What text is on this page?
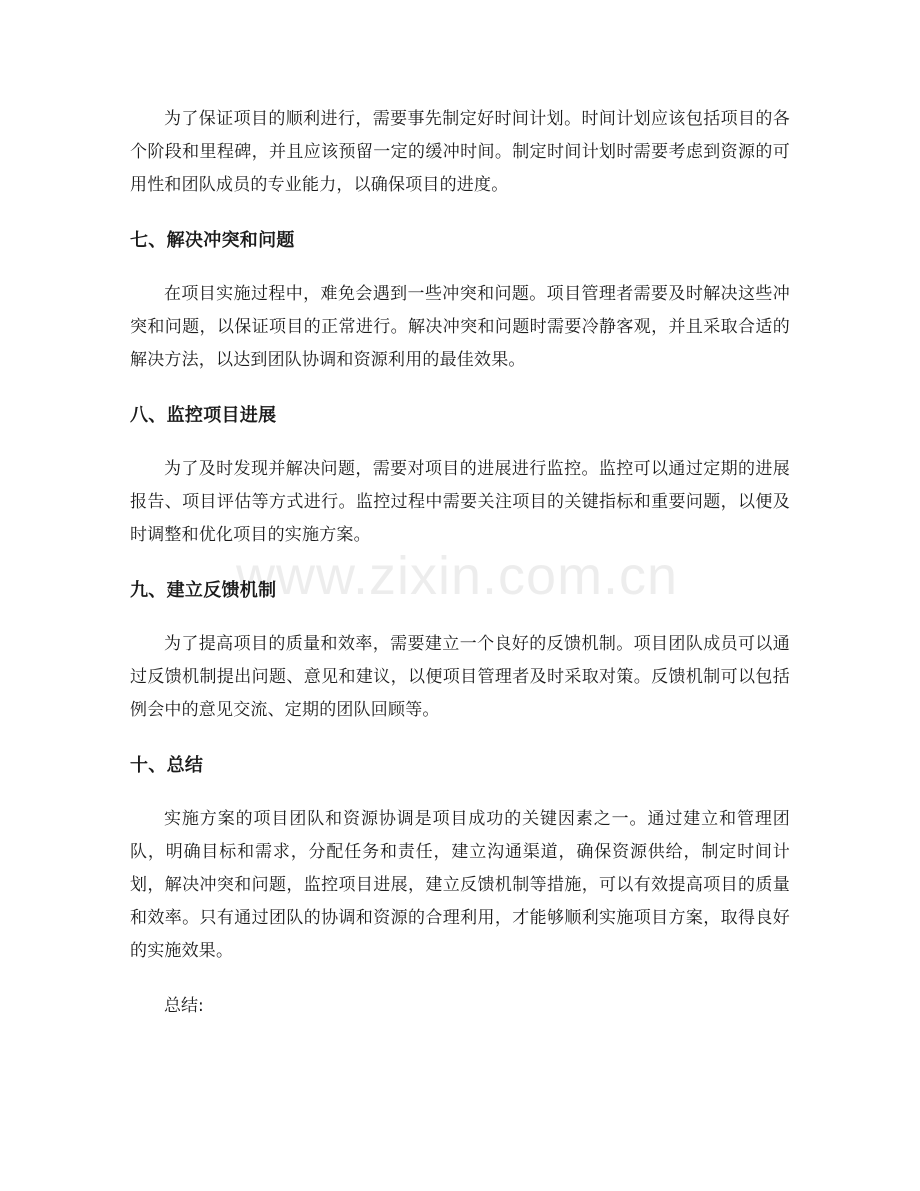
为了保证项目的顺利进行，需要事先制定好时间计划。时间计划应该包括项目的各个阶段和里程碑，并且应该预留一定的缓冲时间。制定时间计划时需要考虑到资源的可用性和团队成员的专业能力，以确保项目的进度。

七、解决冲突和问题

在项目实施过程中，难免会遇到一些冲突和问题。项目管理者需要及时解决这些冲突和问题，以保证项目的正常进行。解决冲突和问题时需要冷静客观，并且采取合适的解决方法，以达到团队协调和资源利用的最佳效果。

八、监控项目进展

为了及时发现并解决问题，需要对项目的进展进行监控。监控可以通过定期的进展报告、项目评估等方式进行。监控过程中需要关注项目的关键指标和重要问题，以便及时调整和优化项目的实施方案。

九、建立反馈机制

为了提高项目的质量和效率，需要建立一个良好的反馈机制。项目团队成员可以通过反馈机制提出问题、意见和建议，以便项目管理者及时采取对策。反馈机制可以包括例会中的意见交流、定期的团队回顾等。

十、总结

实施方案的项目团队和资源协调是项目成功的关键因素之一。通过建立和管理团队，明确目标和需求，分配任务和责任，建立沟通渠道，确保资源供给，制定时间计划，解决冲突和问题，监控项目进展，建立反馈机制等措施，可以有效提高项目的质量和效率。只有通过团队的协调和资源的合理利用，才能够顺利实施项目方案，取得良好的实施效果。

总结:

www.zixin.com.cn
